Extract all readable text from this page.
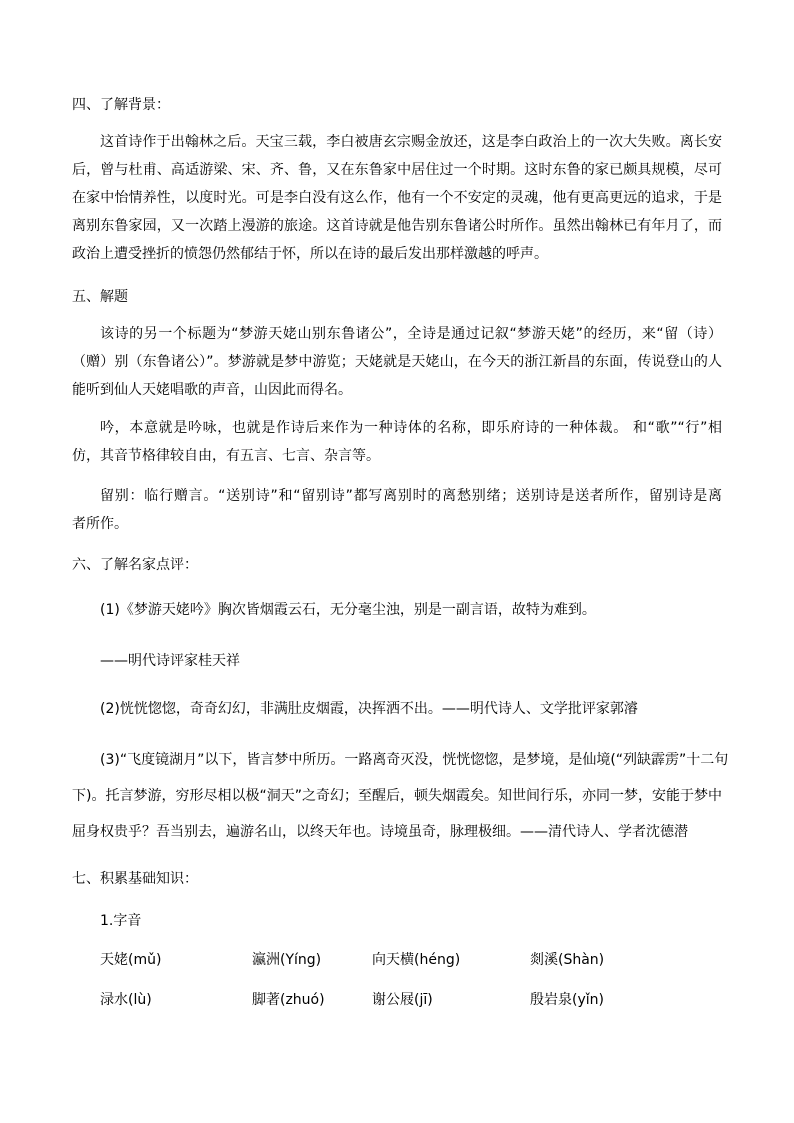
四、了解背景：
这首诗作于出翰林之后。天宝三载，李白被唐玄宗赐金放还，这是李白政治上的一次大失败。离长安
后，曾与杜甫、高适游梁、宋、齐、鲁，又在东鲁家中居住过一个时期。这时东鲁的家已颇具规模，尽可
在家中怡情养性，以度时光。可是李白没有这么作，他有一个不安定的灵魂，他有更高更远的追求，于是
离别东鲁家园，又一次踏上漫游的旅途。这首诗就是他告别东鲁诸公时所作。虽然出翰林已有年月了，而
政治上遭受挫折的愤怨仍然郁结于怀，所以在诗的最后发出那样激越的呼声。
五、解题
该诗的另一个标题为“梦游天姥山别东鲁诸公”，全诗是通过记叙“梦游天姥”的经历，来“留（诗）
（赠）别（东鲁诸公）”。梦游就是梦中游览；天姥就是天姥山，在今天的浙江新昌的东面，传说登山的人
能听到仙人天姥唱歌的声音，山因此而得名。
吟，本意就是吟咏，也就是作诗后来作为一种诗体的名称，即乐府诗的一种体裁。 和“歌”“行”相
仿，其音节格律较自由，有五言、七言、杂言等。
留别：临行赠言。“送别诗”和“留别诗”都写离别时的离愁别绪；送别诗是送者所作，留别诗是离
者所作。
六、了解名家点评：
(1)《梦游天姥吟》胸次皆烟霞云石，无分毫尘浊，别是一副言语，故特为难到。
——明代诗评家桂天祥
(2)恍恍惚惚，奇奇幻幻，非满肚皮烟霞，决挥洒不出。——明代诗人、文学批评家郭濬
(3)“飞度镜湖月”以下，皆言梦中所历。一路离奇灭没，恍恍惚惚，是梦境，是仙境(“列缺霹雳”十二句
下)。托言梦游，穷形尽相以极“洞天”之奇幻；至醒后，顿失烟霞矣。知世间行乐，亦同一梦，安能于梦中
屈身权贵乎？吾当别去，遍游名山，以终天年也。诗境虽奇，脉理极细。——清代诗人、学者沈德潜
七、积累基础知识：
1.字音
天姥(mǔ)	瀛洲(Yíng)	向天横(héng)	剡溪(Shàn)
渌水(lù)	脚著(zhuó)	谢公屐(jī)	殷岩泉(yǐn)
